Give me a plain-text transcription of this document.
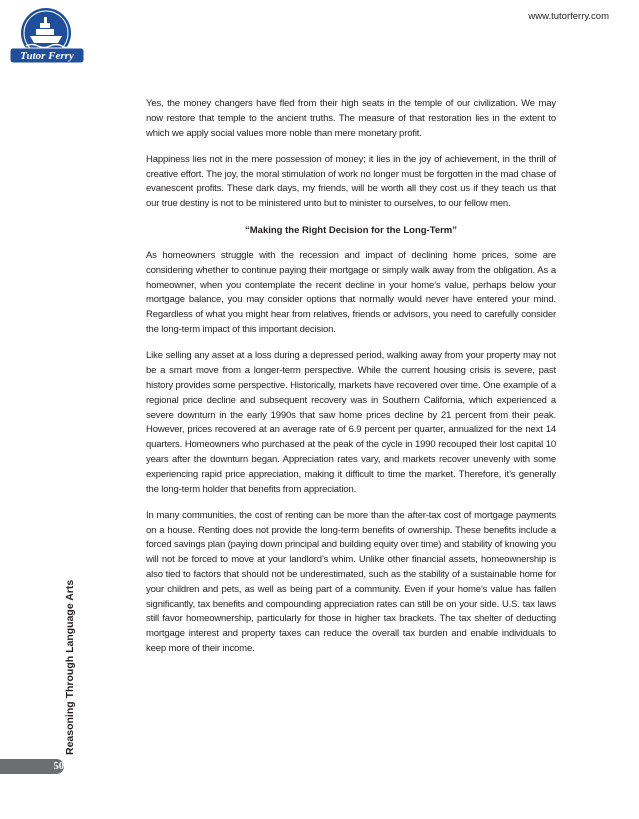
Tutor Ferry
www.tutorferry.com

Yes, the money changers have fled from their high seats in the temple of our civilization. We may now restore that temple to the ancient truths. The measure of that restoration lies in the extent to which we apply social values more noble than mere monetary profit.

Happiness lies not in the mere possession of money; it lies in the joy of achievement, in the thrill of creative effort. The joy, the moral stimulation of work no longer must be forgotten in the mad chase of evanescent profits. These dark days, my friends, will be worth all they cost us if they teach us that our true destiny is not to be ministered unto but to minister to ourselves, to our fellow men.

“Making the Right Decision for the Long-Term”

As homeowners struggle with the recession and impact of declining home prices, some are considering whether to continue paying their mortgage or simply walk away from the obligation. As a homeowner, when you contemplate the recent decline in your home’s value, perhaps below your mortgage balance, you may consider options that normally would never have entered your mind. Regardless of what you might hear from relatives, friends or advisors, you need to carefully consider the long-term impact of this important decision.

Like selling any asset at a loss during a depressed period, walking away from your property may not be a smart move from a longer-term perspective. While the current housing crisis is severe, past history provides some perspective. Historically, markets have recovered over time. One example of a regional price decline and subsequent recovery was in Southern California, which experienced a severe downturn in the early 1990s that saw home prices decline by 21 percent from their peak. However, prices recovered at an average rate of 6.9 percent per quarter, annualized for the next 14 quarters. Homeowners who purchased at the peak of the cycle in 1990 recouped their lost capital 10 years after the downturn began. Appreciation rates vary, and markets recover unevenly with some experiencing rapid price appreciation, making it difficult to time the market. Therefore, it’s generally the long-term holder that benefits from appreciation.

In many communities, the cost of renting can be more than the after-tax cost of mortgage payments on a house. Renting does not provide the long-term benefits of ownership. These benefits include a forced savings plan (paying down principal and building equity over time) and stability of knowing you will not be forced to move at your landlord’s whim. Unlike other financial assets, homeownership is also tied to factors that should not be underestimated, such as the stability of a sustainable home for your children and pets, as well as being part of a community. Even if your home’s value has fallen significantly, tax benefits and compounding appreciation rates can still be on your side. U.S. tax laws still favor homeownership, particularly for those in higher tax brackets. The tax shelter of deducting mortgage interest and property taxes can reduce the overall tax burden and enable individuals to keep more of their income.

Reasoning Through Language Arts
50
